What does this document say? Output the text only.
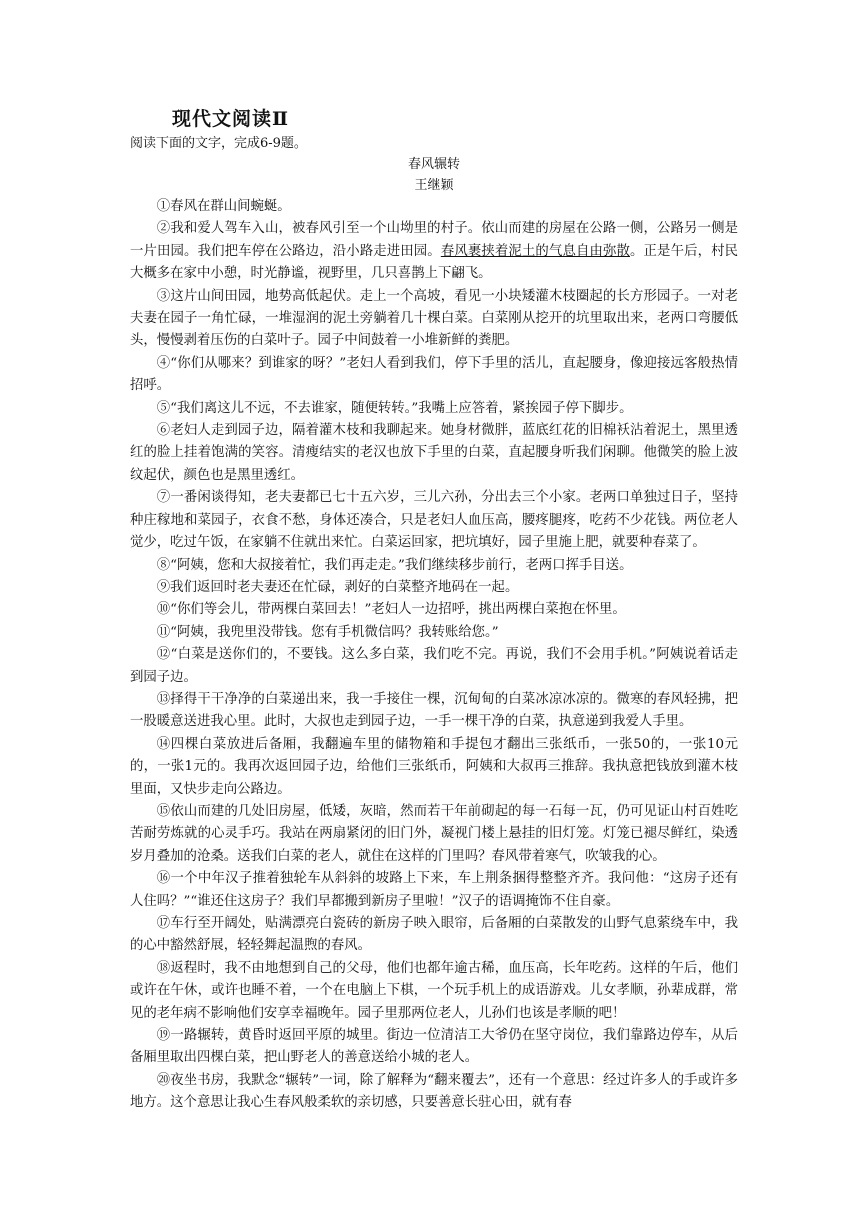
现代文阅读Ⅱ

阅读下面的文字，完成6-9题。

春风辗转

王继颖

①春风在群山间蜿蜒。

②我和爱人驾车入山，被春风引至一个山坳里的村子。依山而建的房屋在公路一侧，公路另一侧是一片田园。我们把车停在公路边，沿小路走进田园。春风裹挟着泥土的气息自由弥散。正是午后，村民大概多在家中小憩，时光静谧，视野里，几只喜鹊上下翩飞。

③这片山间田园，地势高低起伏。走上一个高坡，看见一小块矮灌木枝圈起的长方形园子。一对老夫妻在园子一角忙碌，一堆湿润的泥土旁躺着几十棵白菜。白菜刚从挖开的坑里取出来，老两口弯腰低头，慢慢剥着压伤的白菜叶子。园子中间鼓着一小堆新鲜的粪肥。

④“你们从哪来？到谁家的呀？”老妇人看到我们，停下手里的活儿，直起腰身，像迎接远客般热情招呼。

⑤“我们离这儿不远，不去谁家，随便转转。”我嘴上应答着，紧挨园子停下脚步。

⑥老妇人走到园子边，隔着灌木枝和我聊起来。她身材微胖，蓝底红花的旧棉袄沾着泥土，黑里透红的脸上挂着饱满的笑容。清瘦结实的老汉也放下手里的白菜，直起腰身听我们闲聊。他微笑的脸上波纹起伏，颜色也是黑里透红。

⑦一番闲谈得知，老夫妻都已七十五六岁，三儿六孙，分出去三个小家。老两口单独过日子，坚持种庄稼地和菜园子，衣食不愁，身体还凑合，只是老妇人血压高，腰疼腿疼，吃药不少花钱。两位老人觉少，吃过午饭，在家躺不住就出来忙。白菜运回家，把坑填好，园子里施上肥，就要种春菜了。

⑧“阿姨，您和大叔接着忙，我们再走走。”我们继续移步前行，老两口挥手目送。

⑨我们返回时老夫妻还在忙碌，剥好的白菜整齐地码在一起。

⑩“你们等会儿，带两棵白菜回去！”老妇人一边招呼，挑出两棵白菜抱在怀里。

⑪“阿姨，我兜里没带钱。您有手机微信吗？我转账给您。”

⑫“白菜是送你们的，不要钱。这么多白菜，我们吃不完。再说，我们不会用手机。”阿姨说着话走到园子边。

⑬择得干干净净的白菜递出来，我一手接住一棵，沉甸甸的白菜冰凉冰凉的。微寒的春风轻拂，把一股暖意送进我心里。此时，大叔也走到园子边，一手一棵干净的白菜，执意递到我爱人手里。

⑭四棵白菜放进后备厢，我翻遍车里的储物箱和手提包才翻出三张纸币，一张50的，一张10元的，一张1元的。我再次返回园子边，给他们三张纸币，阿姨和大叔再三推辞。我执意把钱放到灌木枝里面，又快步走向公路边。

⑮依山而建的几处旧房屋，低矮，灰暗，然而若干年前砌起的每一石每一瓦，仍可见证山村百姓吃苦耐劳炼就的心灵手巧。我站在两扇紧闭的旧门外，凝视门楼上悬挂的旧灯笼。灯笼已褪尽鲜红，染透岁月叠加的沧桑。送我们白菜的老人，就住在这样的门里吗？春风带着寒气，吹皱我的心。

⑯一个中年汉子推着独轮车从斜斜的坡路上下来，车上荆条捆得整整齐齐。我问他：“这房子还有人住吗？”“谁还住这房子？我们早都搬到新房子里啦！”汉子的语调掩饰不住自豪。

⑰车行至开阔处，贴满漂亮白瓷砖的新房子映入眼帘，后备厢的白菜散发的山野气息萦绕车中，我的心中豁然舒展，轻轻舞起温煦的春风。

⑱返程时，我不由地想到自己的父母，他们也都年逾古稀，血压高，长年吃药。这样的午后，他们或许在午休，或许也睡不着，一个在电脑上下棋，一个玩手机上的成语游戏。儿女孝顺，孙辈成群，常见的老年病不影响他们安享幸福晚年。园子里那两位老人，儿孙们也该是孝顺的吧！

⑲一路辗转，黄昏时返回平原的城里。街边一位清洁工大爷仍在坚守岗位，我们靠路边停车，从后备厢里取出四棵白菜，把山野老人的善意送给小城的老人。

⑳夜坐书房，我默念“辗转”一词，除了解释为“翻来覆去”，还有一个意思：经过许多人的手或许多地方。这个意思让我心生春风般柔软的亲切感，只要善意长驻心田，就有春
